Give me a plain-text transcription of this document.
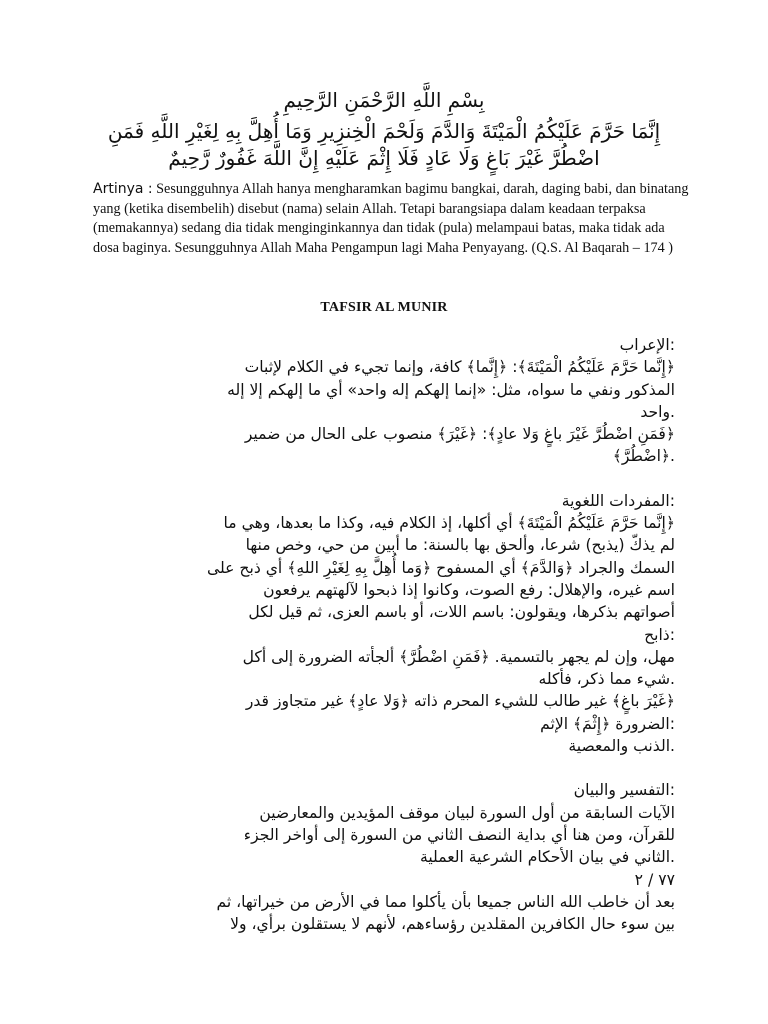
بِسْمِ اللَّهِ الرَّحْمَنِ الرَّحِيمِ
إِنَّمَا حَرَّمَ عَلَيْكُمُ الْمَيْتَةَ وَالدَّمَ وَلَحْمَ الْخِنزِيرِ وَمَا أُهِلَّ بِهِ لِغَيْرِ اللَّهِ فَمَنِ
اضْطُرَّ غَيْرَ بَاغٍ وَلَا عَادٍ فَلَا إِثْمَ عَلَيْهِ إِنَّ اللَّهَ غَفُورٌ رَّحِيمٌ
Artinya : Sesungguhnya Allah hanya mengharamkan bagimu bangkai, darah, daging babi, dan binatang yang (ketika disembelih) disebut (nama) selain Allah. Tetapi barangsiapa dalam keadaan terpaksa (memakannya) sedang dia tidak menginginkannya dan tidak (pula) melampaui batas, maka tidak ada dosa baginya. Sesungguhnya Allah Maha Pengampun lagi Maha Penyayang. (Q.S. Al Baqarah – 174 )
TAFSIR AL MUNIR

:الإعراب

﴿إِنَّما حَرَّمَ عَلَيْكُمُ الْمَيْتَةَ﴾: ﴿إِنَّما﴾ كافة، وإنما تجيء في الكلام لإثبات

المذكور ونفي ما سواه، مثل: «إنما إلهكم إله واحد» أي ما إلهكم إلا إله

.واحد

﴿فَمَنِ اضْطُرَّ غَيْرَ باغٍ وَلا عادٍ﴾: ﴿غَيْرَ﴾ منصوب على الحال من ضمير

.﴿اضْطُرَّ﴾

:المفردات اللغوية

﴿إِنَّما حَرَّمَ عَلَيْكُمُ الْمَيْتَةَ﴾ أي أكلها، إذ الكلام فيه، وكذا ما بعدها، وهي ما

لم يذكّ (يذبح) شرعا، وألحق بها بالسنة: ما أبين من حي، وخص منها

السمك والجراد ﴿وَالدَّمَ﴾ أي المسفوح ﴿وَما أُهِلَّ بِهِ لِغَيْرِ اللهِ﴾ أي ذبح على

اسم غيره، والإهلال: رفع الصوت، وكانوا إذا ذبحوا لآلهتهم يرفعون

أصواتهم بذكرها، ويقولون: باسم اللات، أو باسم العزى، ثم قيل لكل

:ذابح

مهل، وإن لم يجهر بالتسمية. ﴿فَمَنِ اضْطُرَّ﴾ ألجأته الضرورة إلى أكل

.شيء مما ذكر، فأكله

﴿غَيْرَ باغٍ﴾ غير طالب للشيء المحرم ذاته ﴿وَلا عادٍ﴾ غير متجاوز قدر

:الضرورة ﴿إِثْمَ﴾ الإثم

.الذنب والمعصية

:التفسير والبيان

الآيات السابقة من أول السورة لبيان موقف المؤيدين والمعارضين

للقرآن، ومن هنا أي بداية النصف الثاني من السورة إلى أواخر الجزء

.الثاني في بيان الأحكام الشرعية العملية

٧٧ / ٢

بعد أن خاطب الله الناس جميعا بأن يأكلوا مما في الأرض من خيراتها، ثم

بين سوء حال الكافرين المقلدين رؤساءهم، لأنهم لا يستقلون برأي، ولا
